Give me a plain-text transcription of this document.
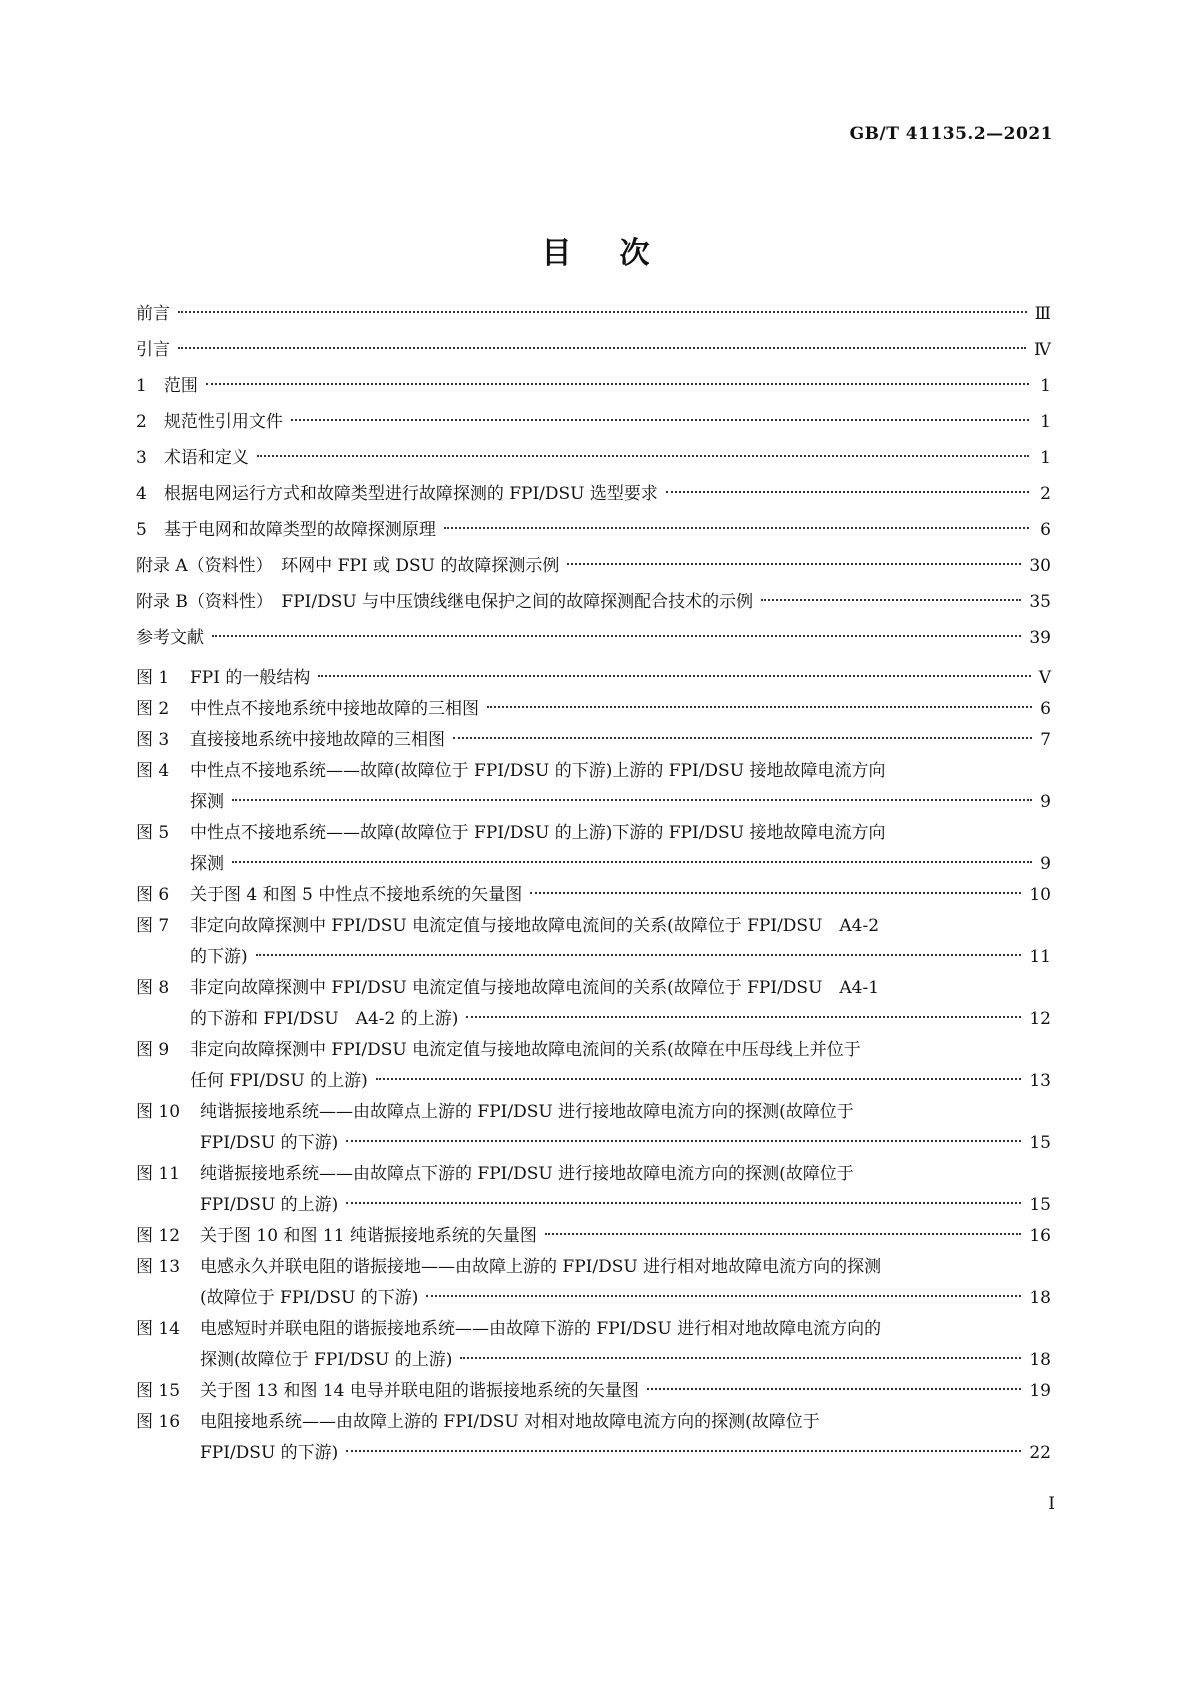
GB/T 41135.2—2021
目次
前言	Ⅲ
引言	Ⅳ
1　范围	1
2　规范性引用文件	1
3　术语和定义	1
4　根据电网运行方式和故障类型进行故障探测的 FPI/DSU 选型要求	2
5　基于电网和故障类型的故障探测原理	6
附录 A（资料性）　环网中 FPI 或 DSU 的故障探测示例	30
附录 B（资料性）　FPI/DSU 与中压馈线继电保护之间的故障探测配合技术的示例	35
参考文献	39
图 1	FPI 的一般结构	Ⅴ
图 2	中性点不接地系统中接地故障的三相图	6
图 3	直接接地系统中接地故障的三相图	7
图 4	中性点不接地系统——故障(故障位于 FPI/DSU 的下游)上游的 FPI/DSU 接地故障电流方向
探测	9
图 5	中性点不接地系统——故障(故障位于 FPI/DSU 的上游)下游的 FPI/DSU 接地故障电流方向
探测	9
图 6	关于图 4 和图 5 中性点不接地系统的矢量图	10
图 7	非定向故障探测中 FPI/DSU 电流定值与接地故障电流间的关系(故障位于 FPI/DSU　A4-2
的下游)	11
图 8	非定向故障探测中 FPI/DSU 电流定值与接地故障电流间的关系(故障位于 FPI/DSU　A4-1
的下游和 FPI/DSU　A4-2 的上游)	12
图 9	非定向故障探测中 FPI/DSU 电流定值与接地故障电流间的关系(故障在中压母线上并位于
任何 FPI/DSU 的上游)	13
图 10	纯谐振接地系统——由故障点上游的 FPI/DSU 进行接地故障电流方向的探测(故障位于
FPI/DSU 的下游)	15
图 11	纯谐振接地系统——由故障点下游的 FPI/DSU 进行接地故障电流方向的探测(故障位于
FPI/DSU 的上游)	15
图 12	关于图 10 和图 11 纯谐振接地系统的矢量图	16
图 13	电感永久并联电阻的谐振接地——由故障上游的 FPI/DSU 进行相对地故障电流方向的探测
(故障位于 FPI/DSU 的下游)	18
图 14	电感短时并联电阻的谐振接地系统——由故障下游的 FPI/DSU 进行相对地故障电流方向的
探测(故障位于 FPI/DSU 的上游)	18
图 15	关于图 13 和图 14 电导并联电阻的谐振接地系统的矢量图	19
图 16	电阻接地系统——由故障上游的 FPI/DSU 对相对地故障电流方向的探测(故障位于
FPI/DSU 的下游)	22
I
